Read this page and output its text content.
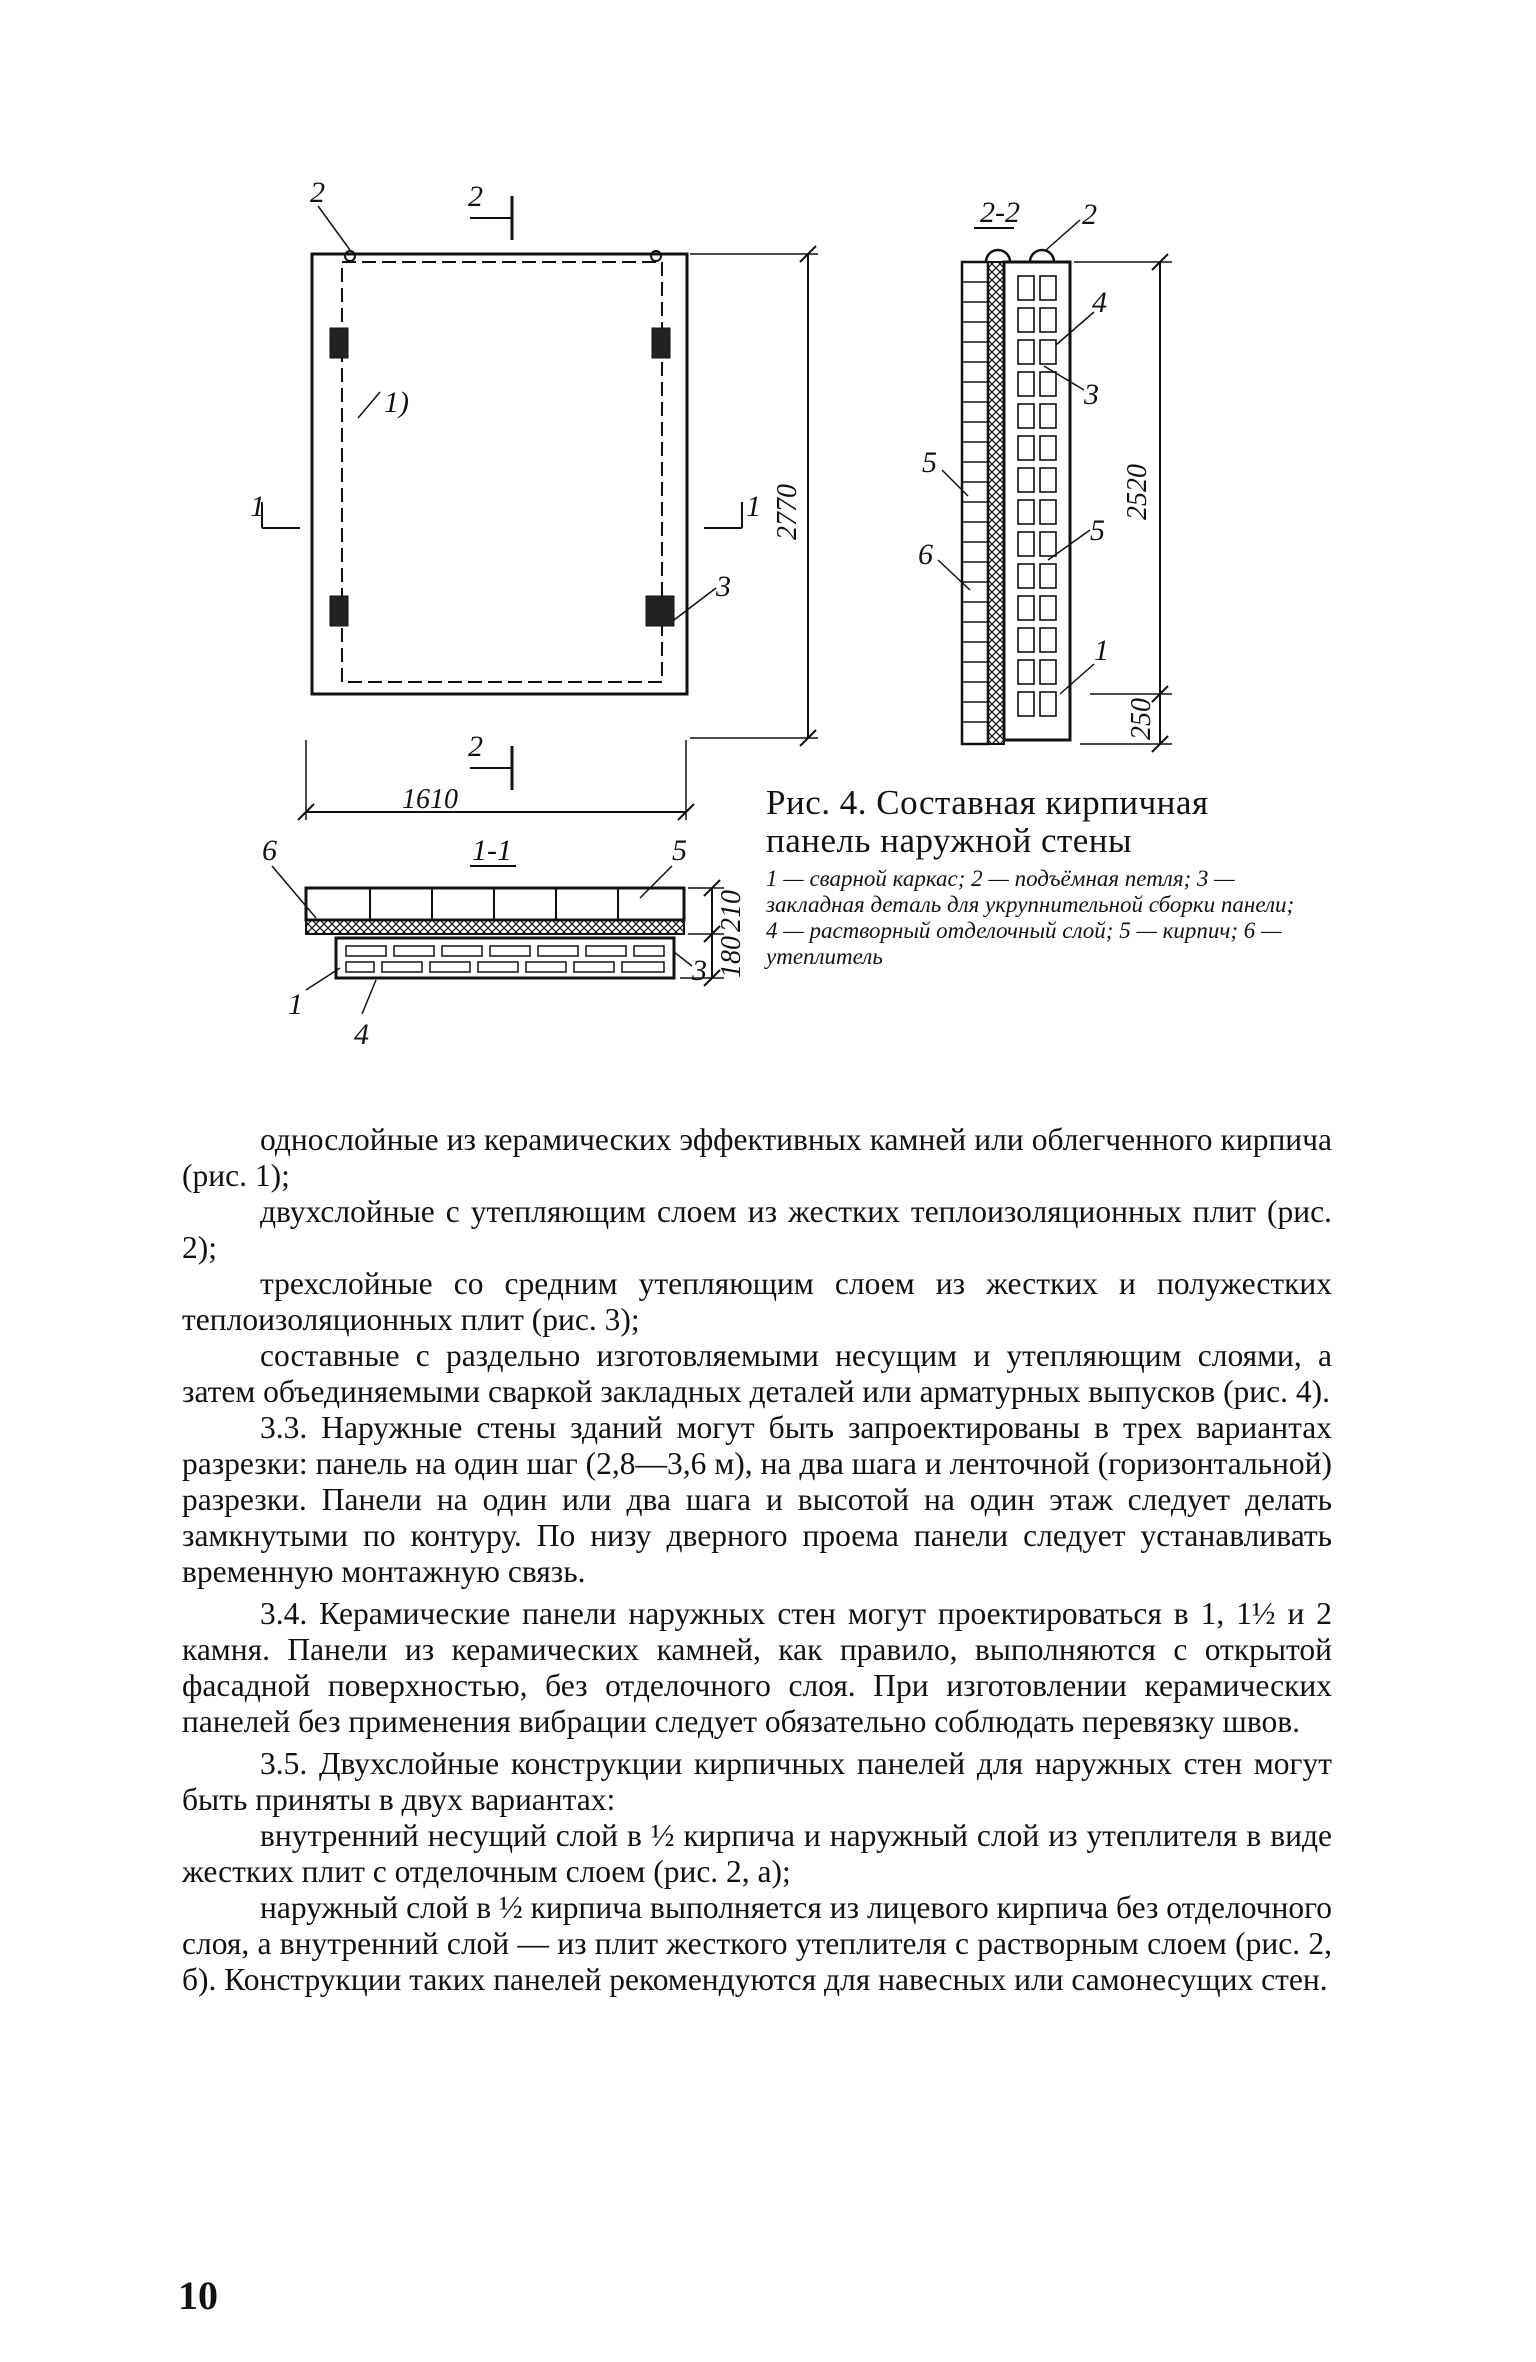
2	2
2
1	1
1)
3
2770
1610
2-2 2
4
3
5
5
6
1
2520
250
1-1
6	5
1
4
3
210
180
Рис. 4. Составная кирпичная панель наружной стены
1 — сварной каркас; 2 — подъёмная петля; 3 — закладная деталь для укрупнительной сборки панели; 4 — растворный отделочный слой; 5 — кирпич; 6 — утеплитель

однослойные из керамических эффективных камней или облегченного кирпича (рис. 1);

двухслойные с утепляющим слоем из жестких теплоизоляционных плит (рис. 2);

трехслойные со средним утепляющим слоем из жестких и полужестких теплоизоляционных плит (рис. 3);

составные с раздельно изготовляемыми несущим и утепляющим слоями, а затем объединяемыми сваркой закладных деталей или арматурных выпусков (рис. 4).

3.3. Наружные стены зданий могут быть запроектированы в трех вариантах разрезки: панель на один шаг (2,8—3,6 м), на два шага и ленточной (горизонтальной) разрезки. Панели на один или два шага и высотой на один этаж следует делать замкнутыми по контуру. По низу дверного проема панели следует устанавливать временную монтажную связь.

3.4. Керамические панели наружных стен могут проектироваться в 1, 1½ и 2 камня. Панели из керамических камней, как правило, выполняются с открытой фасадной поверхностью, без отделочного слоя. При изготовлении керамических панелей без применения вибрации следует обязательно соблюдать перевязку швов.

3.5. Двухслойные конструкции кирпичных панелей для наружных стен могут быть приняты в двух вариантах:

внутренний несущий слой в ½ кирпича и наружный слой из утеплителя в виде жестких плит с отделочным слоем (рис. 2, а);

наружный слой в ½ кирпича выполняется из лицевого кирпича без отделочного слоя, а внутренний слой — из плит жесткого утеплителя с растворным слоем (рис. 2, б). Конструкции таких панелей рекомендуются для навесных или самонесущих стен.

10
